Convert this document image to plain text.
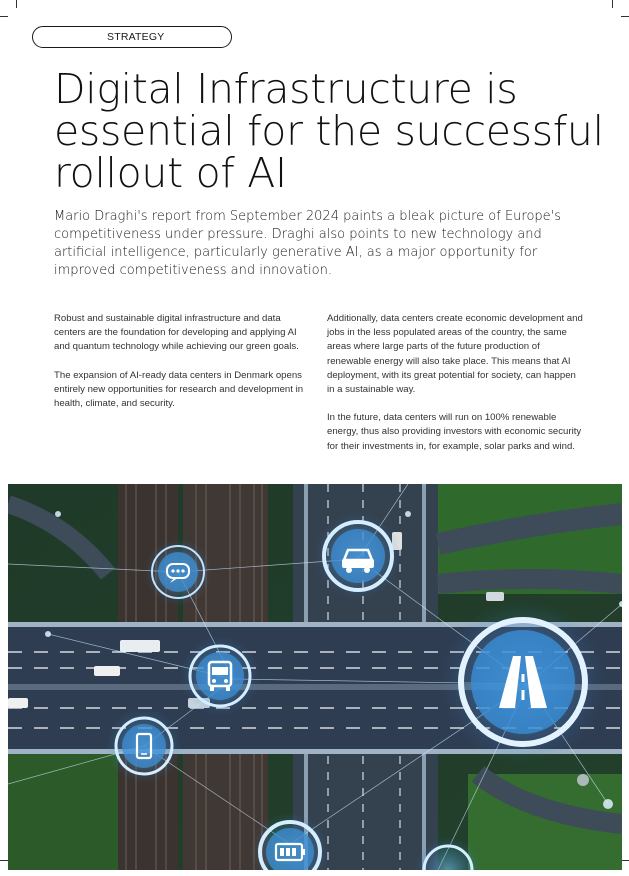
STRATEGY
Digital Infrastructure is essential for the successful rollout of AI

Mario Draghi's report from September 2024 paints a bleak picture of Europe's competitiveness under pressure. Draghi also points to new technology and artificial intelligence, particularly generative AI, as a major opportunity for improved competitiveness and innovation.

Robust and sustainable digital infrastructure and data centers are the foundation for developing and applying AI and quantum technology while achieving our green goals.

The expansion of AI-ready data centers in Denmark opens entirely new opportunities for research and development in health, climate, and security.

Additionally, data centers create economic development and jobs in the less populated areas of the country, the same areas where large parts of the future production of renewable energy will also take place. This means that AI deployment, with its great potential for society, can happen in a sustainable way.

In the future, data centers will run on 100% renewable energy, thus also providing investors with economic security for their investments in, for example, solar parks and wind.
